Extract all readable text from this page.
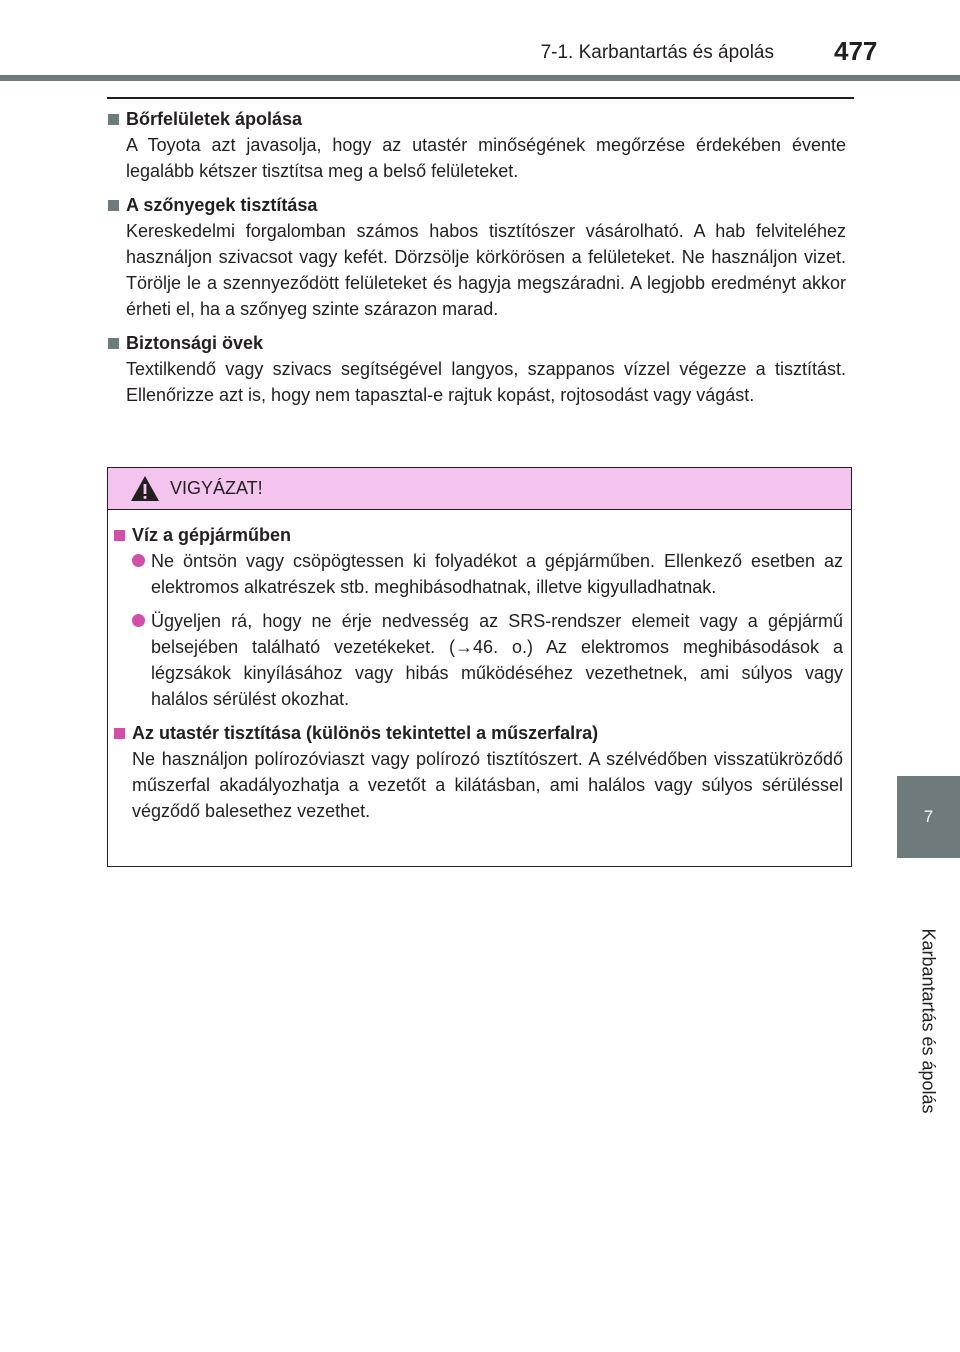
7-1. Karbantartás és ápolás 477
7
Karbantartás és ápolás
Bőrfelületek ápolása
A Toyota azt javasolja, hogy az utastér minőségének megőrzése érdekében évente legalább kétszer tisztítsa meg a belső felületeket.
A szőnyegek tisztítása
Kereskedelmi forgalomban számos habos tisztítószer vásárolható. A hab felviteléhez használjon szivacsot vagy kefét. Dörzsölje körkörösen a felületeket. Ne használjon vizet. Törölje le a szennyeződött felületeket és hagyja megszáradni. A legjobb eredményt akkor érheti el, ha a szőnyeg szinte szárazon marad.
Biztonsági övek
Textilkendő vagy szivacs segítségével langyos, szappanos vízzel végezze a tisztítást. Ellenőrizze azt is, hogy nem tapasztal-e rajtuk kopást, rojtosodást vagy vágást.
VIGYÁZAT!
Víz a gépjárműben
Ne öntsön vagy csöpögtessen ki folyadékot a gépjárműben. Ellenkező esetben az elektromos alkatrészek stb. meghibásodhatnak, illetve kigyulladhatnak.
Ügyeljen rá, hogy ne érje nedvesség az SRS-rendszer elemeit vagy a gépjármű belsejében található vezetékeket. (→46. o.) Az elektromos meghibásodások a légzsákok kinyílásához vagy hibás működéséhez vezethetnek, ami súlyos vagy halálos sérülést okozhat.
Az utastér tisztítása (különös tekintettel a műszerfalra)
Ne használjon polírozóviaszt vagy polírozó tisztítószert. A szélvédőben visszatükröződő műszerfal akadályozhatja a vezetőt a kilátásban, ami halálos vagy súlyos sérüléssel végződő balesethez vezethet.
